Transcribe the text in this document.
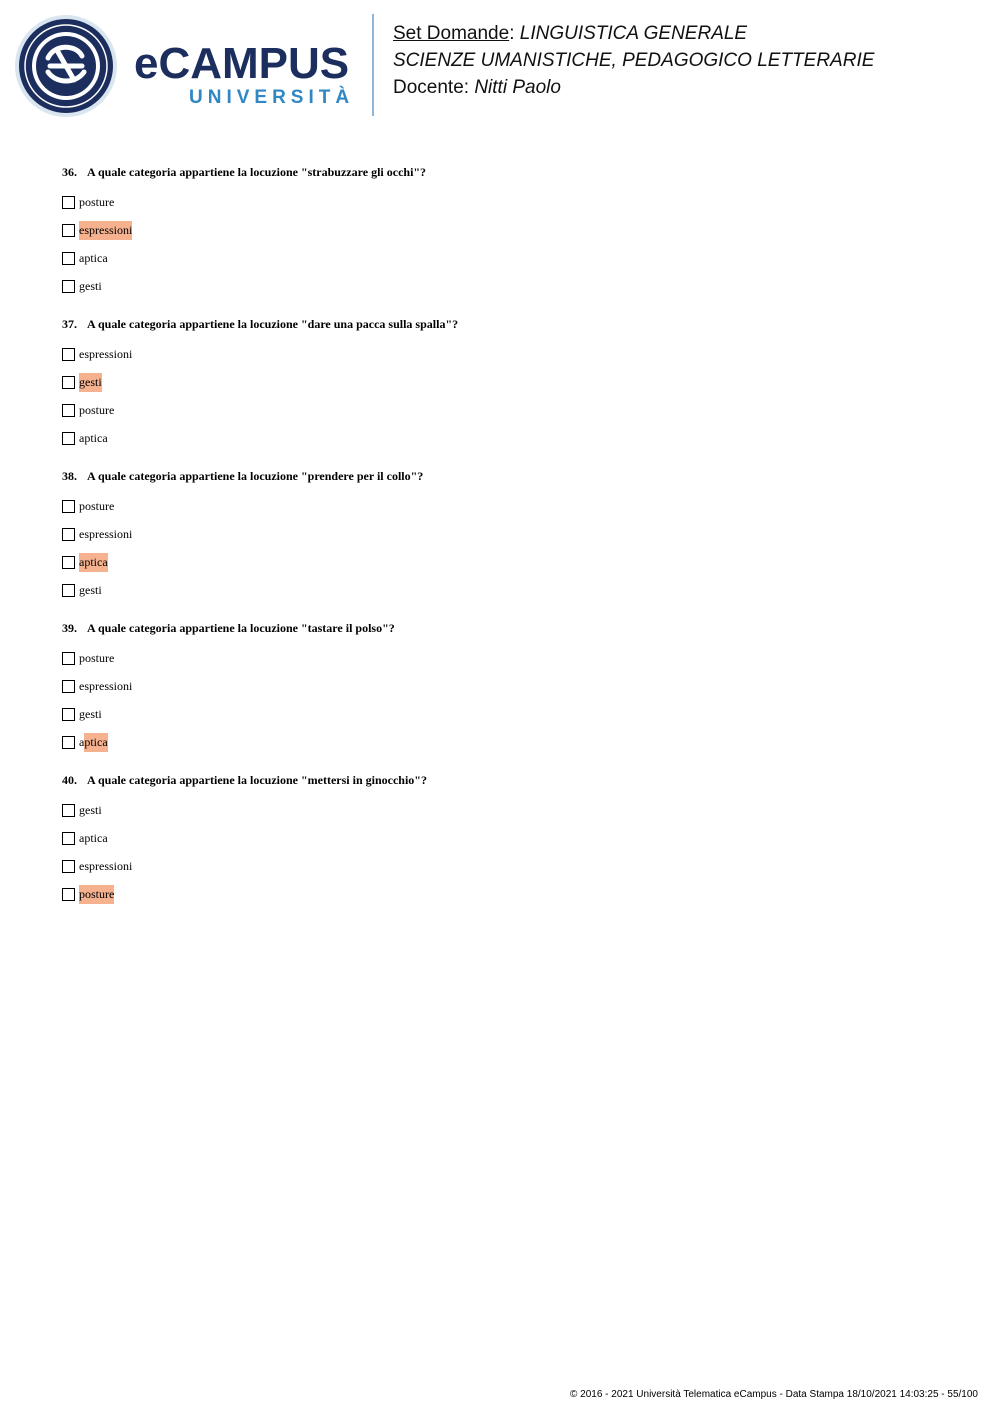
eCAMPUS
UNIVERSITÀ
Set Domande: LINGUISTICA GENERALE
SCIENZE UMANISTICHE, PEDAGOGICO LETTERARIE
Docente: Nitti Paolo
36. A quale categoria appartiene la locuzione "strabuzzare gli occhi"?
posture
espressioni
aptica
gesti
37. A quale categoria appartiene la locuzione "dare una pacca sulla spalla"?
espressioni
gesti
posture
aptica
38. A quale categoria appartiene la locuzione "prendere per il collo"?
posture
espressioni
aptica
gesti
39. A quale categoria appartiene la locuzione "tastare il polso"?
posture
espressioni
gesti
a ptica
40. A quale categoria appartiene la locuzione "mettersi in ginocchio"?
gesti
aptica
espressioni
posture
© 2016 - 2021 Università Telematica eCampus - Data Stampa 18/10/2021 14:03:25 - 55/100
